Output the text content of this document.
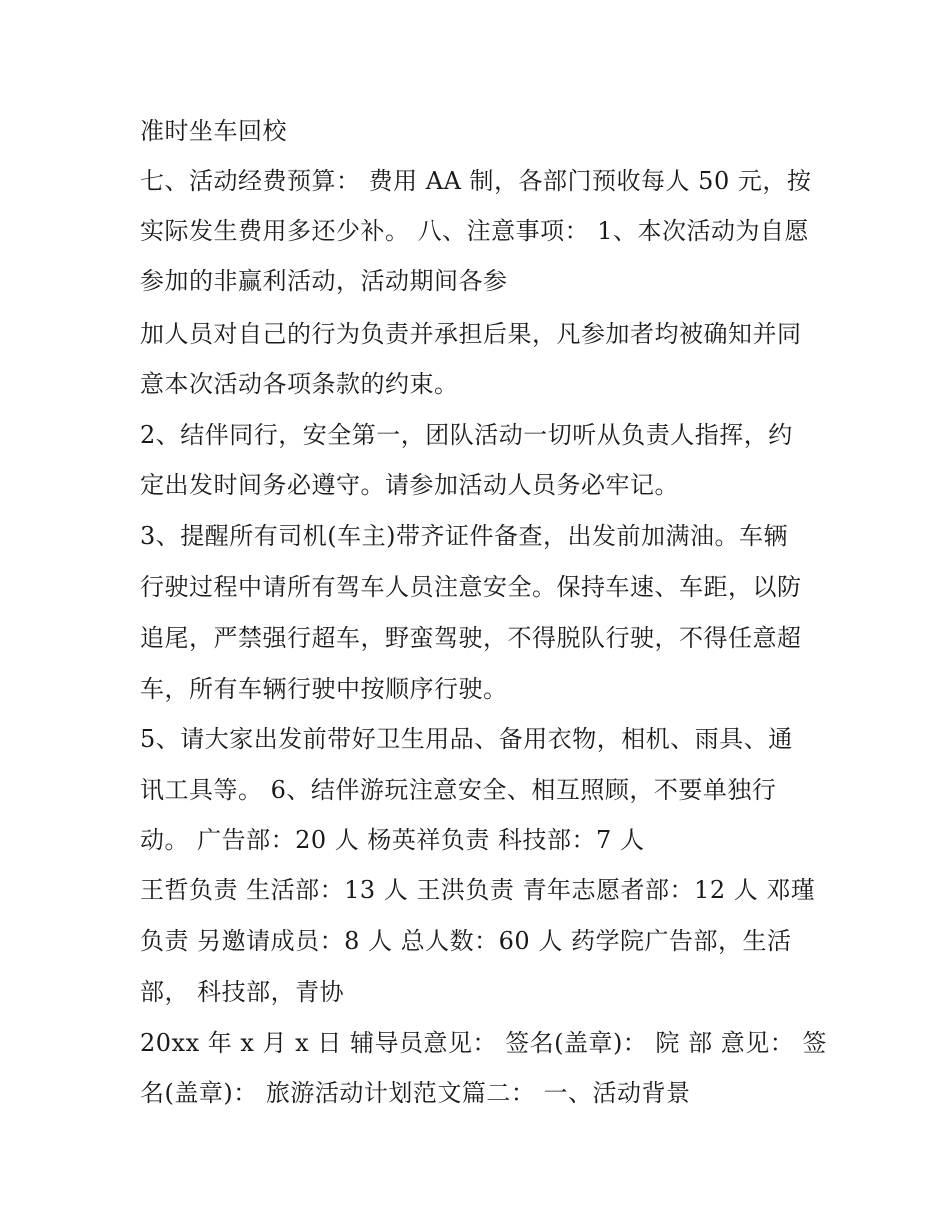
准时坐车回校
七、活动经费预算： 费用 AA 制，各部门预收每人 50 元，按
实际发生费用多还少补。 八、注意事项： 1、本次活动为自愿
参加的非赢利活动，活动期间各参
加人员对自己的行为负责并承担后果，凡参加者均被确知并同
意本次活动各项条款的约束。
2、结伴同行，安全第一，团队活动一切听从负责人指挥，约
定出发时间务必遵守。请参加活动人员务必牢记。
3、提醒所有司机(车主)带齐证件备查，出发前加满油。车辆
行驶过程中请所有驾车人员注意安全。保持车速、车距，以防
追尾，严禁强行超车，野蛮驾驶，不得脱队行驶，不得任意超
车，所有车辆行驶中按顺序行驶。
5、请大家出发前带好卫生用品、备用衣物，相机、雨具、通
讯工具等。 6、结伴游玩注意安全、相互照顾，不要单独行
动。 广告部：20 人 杨英祥负责 科技部：7 人
王哲负责 生活部：13 人 王洪负责 青年志愿者部：12 人 邓瑾
负责 另邀请成员：8 人 总人数：60 人 药学院广告部，生活
部， 科技部，青协
20xx 年 x 月 x 日 辅导员意见： 签名(盖章)： 院 部 意见： 签
名(盖章)： 旅游活动计划范文篇二： 一、活动背景
